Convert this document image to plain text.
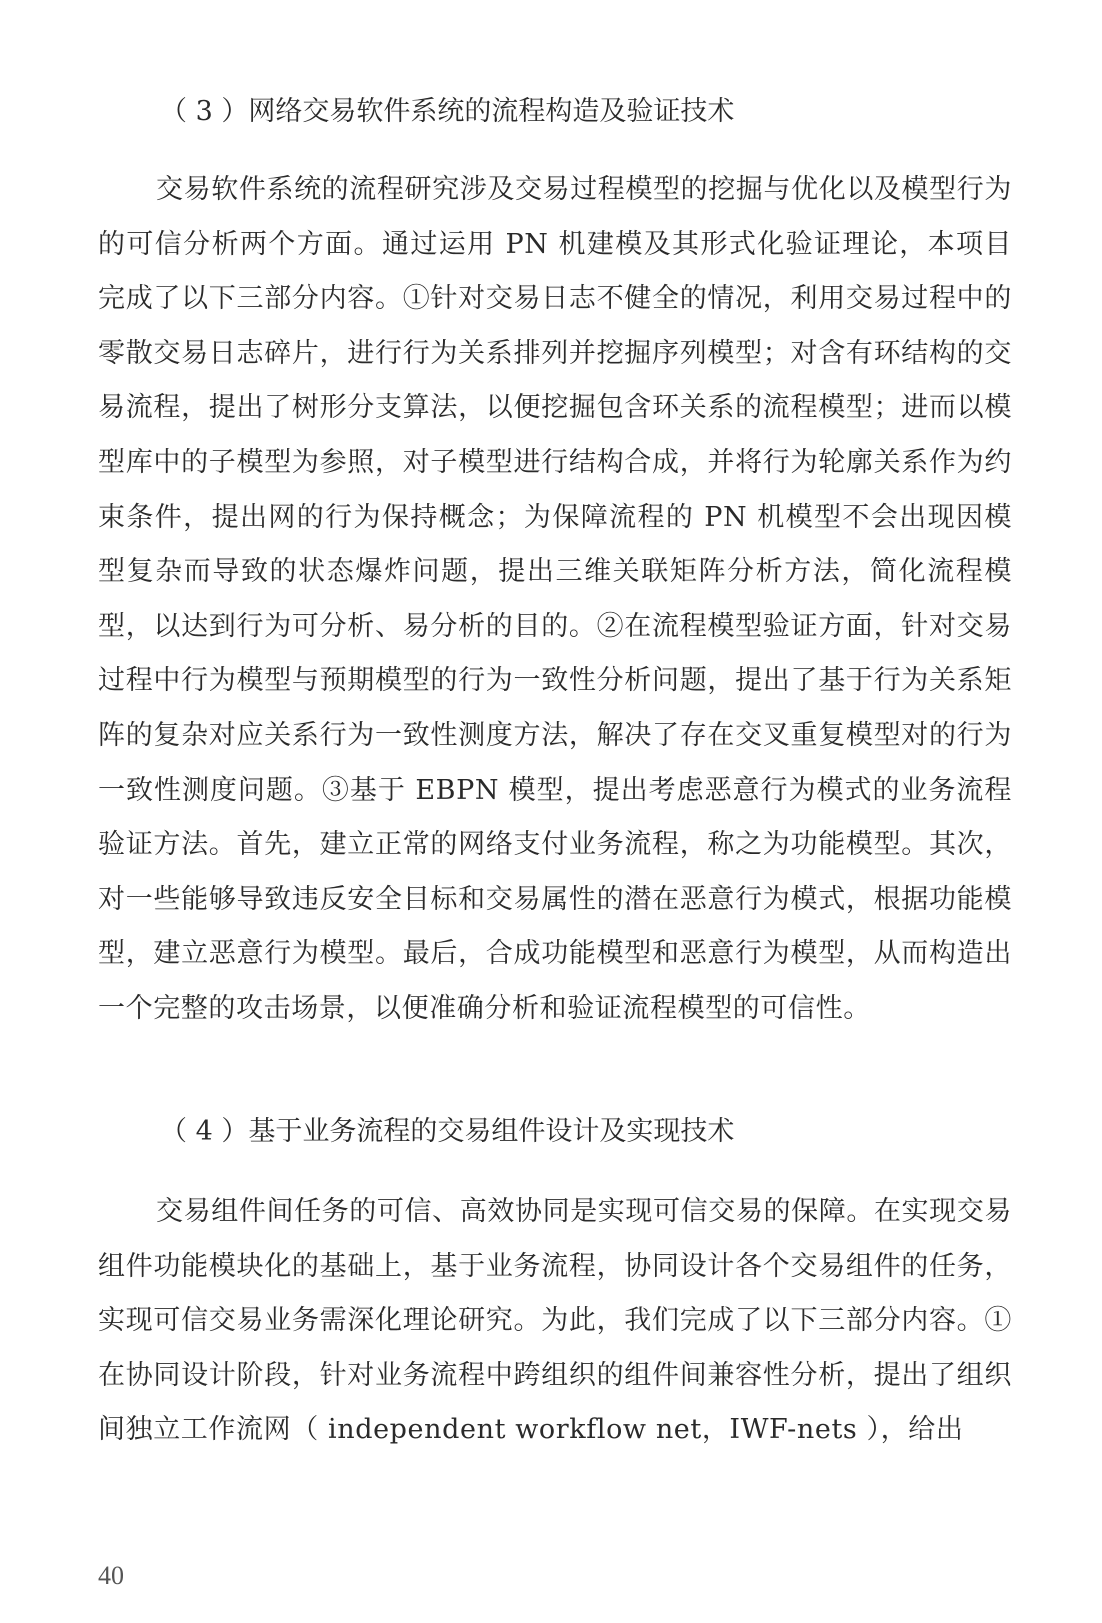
（ 3 ）网络交易软件系统的流程构造及验证技术
交易软件系统的流程研究涉及交易过程模型的挖掘与优化以及模型行为的可信分析两个方面。通过运用 PN 机建模及其形式化验证理论，本项目完成了以下三部分内容。①针对交易日志不健全的情况，利用交易过程中的零散交易日志碎片，进行行为关系排列并挖掘序列模型；对含有环结构的交易流程，提出了树形分支算法，以便挖掘包含环关系的流程模型；进而以模型库中的子模型为参照，对子模型进行结构合成，并将行为轮廓关系作为约束条件，提出网的行为保持概念；为保障流程的 PN 机模型不会出现因模型复杂而导致的状态爆炸问题，提出三维关联矩阵分析方法，简化流程模型，以达到行为可分析、易分析的目的。②在流程模型验证方面，针对交易过程中行为模型与预期模型的行为一致性分析问题，提出了基于行为关系矩阵的复杂对应关系行为一致性测度方法，解决了存在交叉重复模型对的行为一致性测度问题。③基于 EBPN 模型，提出考虑恶意行为模式的业务流程验证方法。首先，建立正常的网络支付业务流程，称之为功能模型。其次，对一些能够导致违反安全目标和交易属性的潜在恶意行为模式，根据功能模型，建立恶意行为模型。最后，合成功能模型和恶意行为模型，从而构造出一个完整的攻击场景，以便准确分析和验证流程模型的可信性。
（ 4 ）基于业务流程的交易组件设计及实现技术
交易组件间任务的可信、高效协同是实现可信交易的保障。在实现交易组件功能模块化的基础上，基于业务流程，协同设计各个交易组件的任务，实现可信交易业务需深化理论研究。为此，我们完成了以下三部分内容。①在协同设计阶段，针对业务流程中跨组织的组件间兼容性分析，提出了组织间独立工作流网（ independent workflow net，IWF-nets ），给出
40
